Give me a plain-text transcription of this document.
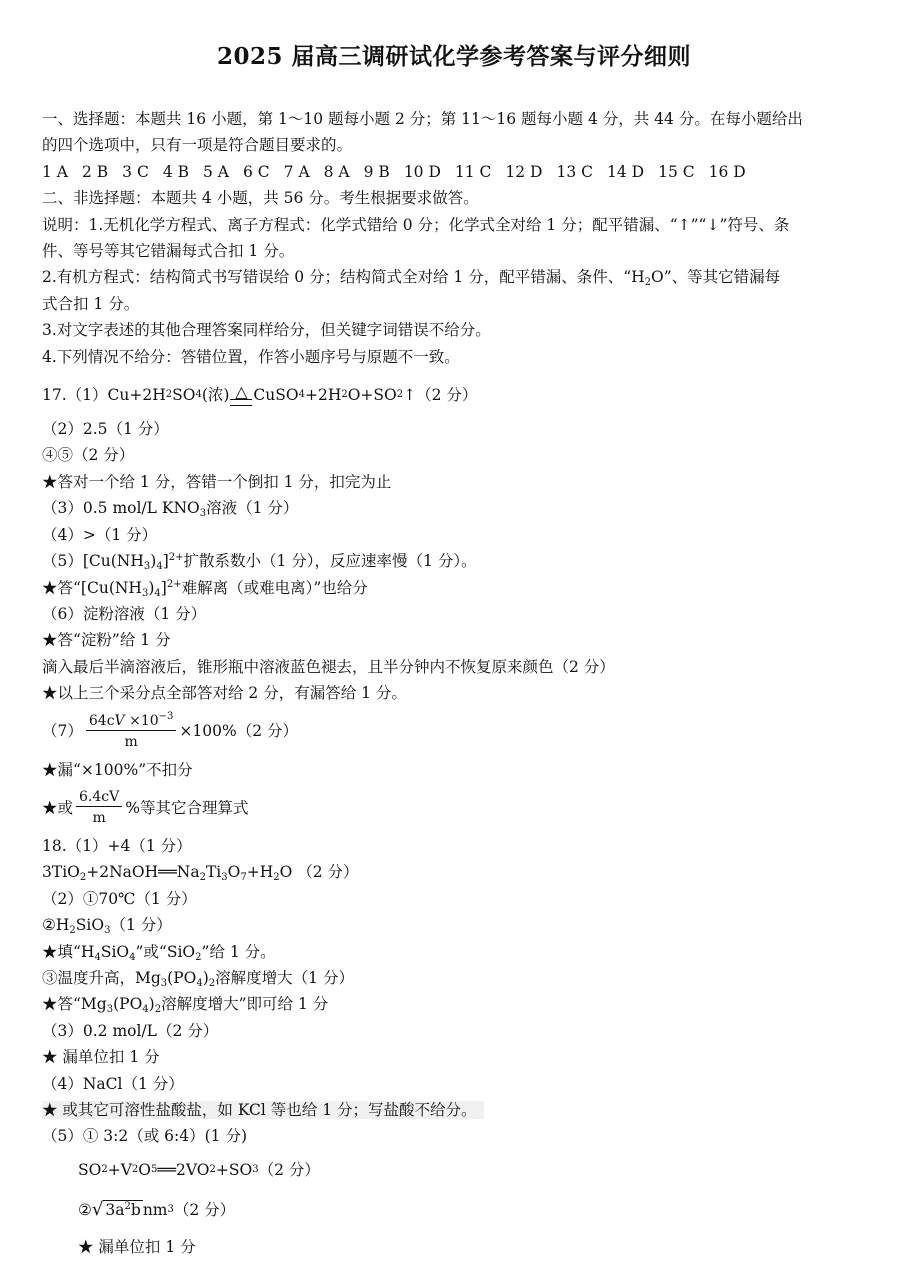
2025 届高三调研试化学参考答案与评分细则
一、选择题：本题共 16 小题，第 1～10 题每小题 2 分；第 11～16 题每小题 4 分，共 44 分。在每小题给出
的四个选项中，只有一项是符合题目要求的。
1 A 2 B 3 C 4 B 5 A 6 C 7 A 8 A 9 B 10 D 11 C 12 D 13 C 14 D 15 C 16 D
二、非选择题：本题共 4 小题，共 56 分。考生根据要求做答。
说明：1.无机化学方程式、离子方程式：化学式错给 0 分；化学式全对给 1 分；配平错漏、“↑”“↓”符号、条
件、等号等其它错漏每式合扣 1 分。
2.有机方程式：结构简式书写错误给 0 分；结构简式全对给 1 分，配平错漏、条件、“$H_2O$”、等其它错漏每
式合扣 1 分。
3.对文字表述的其他合理答案同样给分，但关键字词错误不给分。
4.下列情况不给分：答错位置，作答小题序号与原题不一致。
17.（1）Cu+2H 2 SO 4 (浓) △ CuSO 4 +2H 2 O+SO 2 ↑（2 分）
（2）2.5（1 分）
④⑤（2 分）
★答对一个给 1 分，答错一个倒扣 1 分，扣完为止
（3）0.5 mol/L $KNO_3$溶液（1 分）
（4）>（1 分）
$(5)[Cu(NH_3)_4]^{2+}$扩散系数小（1 分），反应速率慢（1 分）。
★答“$[Cu(NH_3)_4]^{2+}$难解离（或难电离）”也给分
（6）淀粉溶液（1 分）
★答“淀粉”给 1 分
滴入最后半滴溶液后，锥形瓶中溶液蓝色褪去，且半分钟内不恢复原来颜色（2 分）
★以上三个采分点全部答对给 2 分，有漏答给 1 分。
$(7) \frac{64cV \times 10^{-3}}{m} \times 100\%(2$ 分）
★漏“×100%”不扣分
★或 $\frac{6.4cV}{m}$ %等其它合理算式
18.（1）+4（1 分）
$3TiO_2+2NaOH══Na_2Ti_3O_7+H_2O$ （2 分）
（2）①70℃（1 分）
$②H_2SiO_3(1$ 分）
★填“$H_4SiO_4$”或“SiO$_2$”给 1 分。
③温度升高，$Mg_3(PO_4)_2$溶解度增大（1 分）
★答“$Mg_3(PO_4)_2$溶解度增大”即可给 1 分
（3）0.2 mol/L（2 分）
★ 漏单位扣 1 分
（4）NaCl（1 分）
★ 或其它可溶性盐酸盐，如 KCl 等也给 1 分；写盐酸不给分。
（5）① 3:2（或 6:4）(1 分)
SO 2 +V 2 O 5 ══2VO 2 +SO 3 （2 分）
② √ $3a^2b$ nm 3 （2 分）
★ 漏单位扣 1 分
